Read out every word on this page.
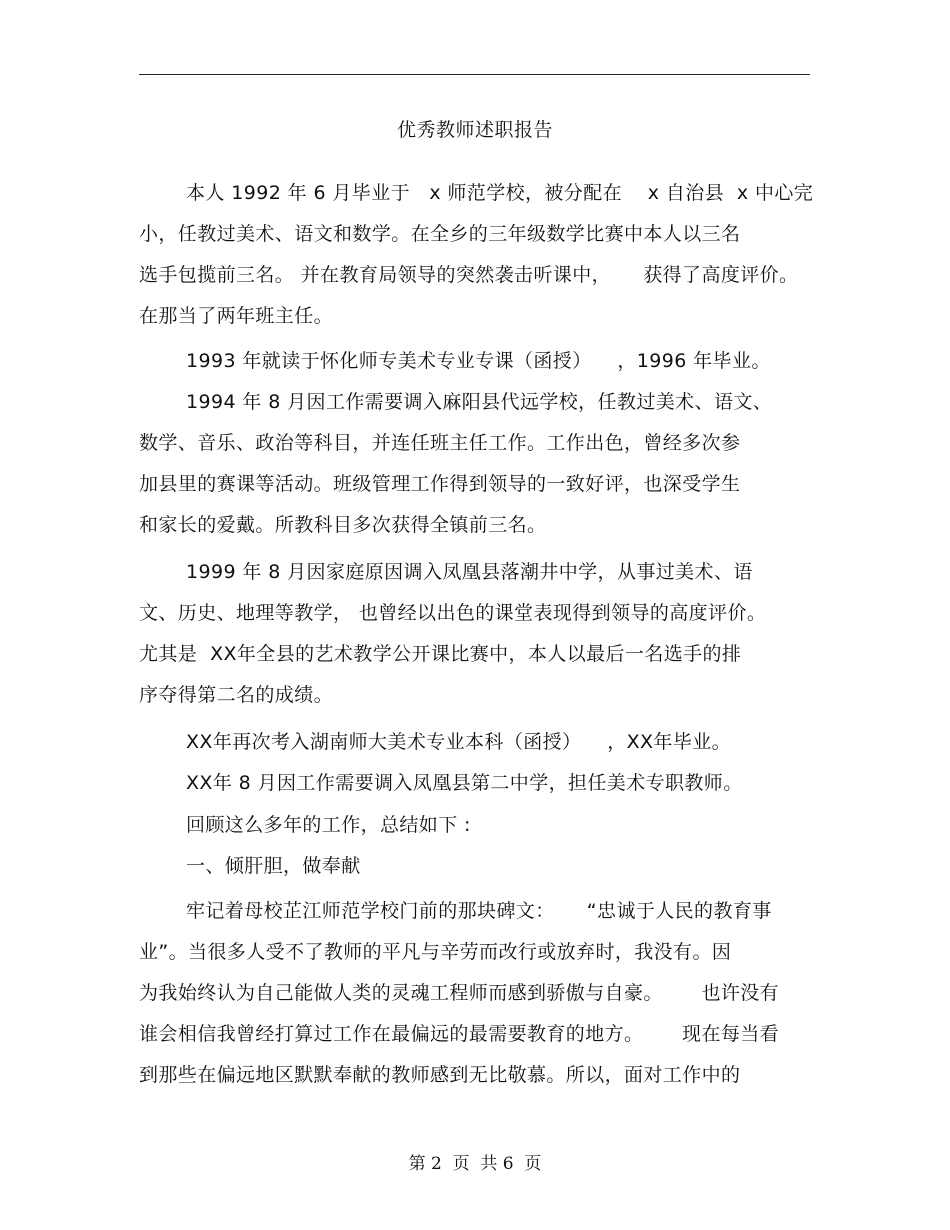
优秀教师述职报告
本人 1992 年 6 月毕业于   x 师范学校，被分配在    x 自治县  x 中心完
小，任教过美术、语文和数学。在全乡的三年级数学比赛中本人以三名
选手包揽前三名。 并在教育局领导的突然袭击听课中，     获得了高度评价。
在那当了两年班主任。
1993 年就读于怀化师专美术专业专课（函授）    ，1996 年毕业。
1994 年 8 月因工作需要调入麻阳县代远学校，任教过美术、语文、
数学、音乐、政治等科目，并连任班主任工作。工作出色，曾经多次参
加县里的赛课等活动。班级管理工作得到领导的一致好评，也深受学生
和家长的爱戴。所教科目多次获得全镇前三名。
1999 年 8 月因家庭原因调入凤凰县落潮井中学，从事过美术、语
文、历史、地理等教学， 也曾经以出色的课堂表现得到领导的高度评价。
尤其是  XX年全县的艺术教学公开课比赛中，本人以最后一名选手的排
序夺得第二名的成绩。
XX年再次考入湖南师大美术专业本科（函授）    ，XX年毕业。
XX年 8 月因工作需要调入凤凰县第二中学，担任美术专职教师。
回顾这么多年的工作，总结如下 :
一、倾肝胆，做奉献
牢记着母校芷江师范学校门前的那块碑文：     “忠诚于人民的教育事
业”。当很多人受不了教师的平凡与辛劳而改行或放弃时，我没有。因
为我始终认为自己能做人类的灵魂工程师而感到骄傲与自豪。      也许没有
谁会相信我曾经打算过工作在最偏远的最需要教育的地方。      现在每当看
到那些在偏远地区默默奉献的教师感到无比敬慕。所以，面对工作中的
第 2  页  共 6  页
